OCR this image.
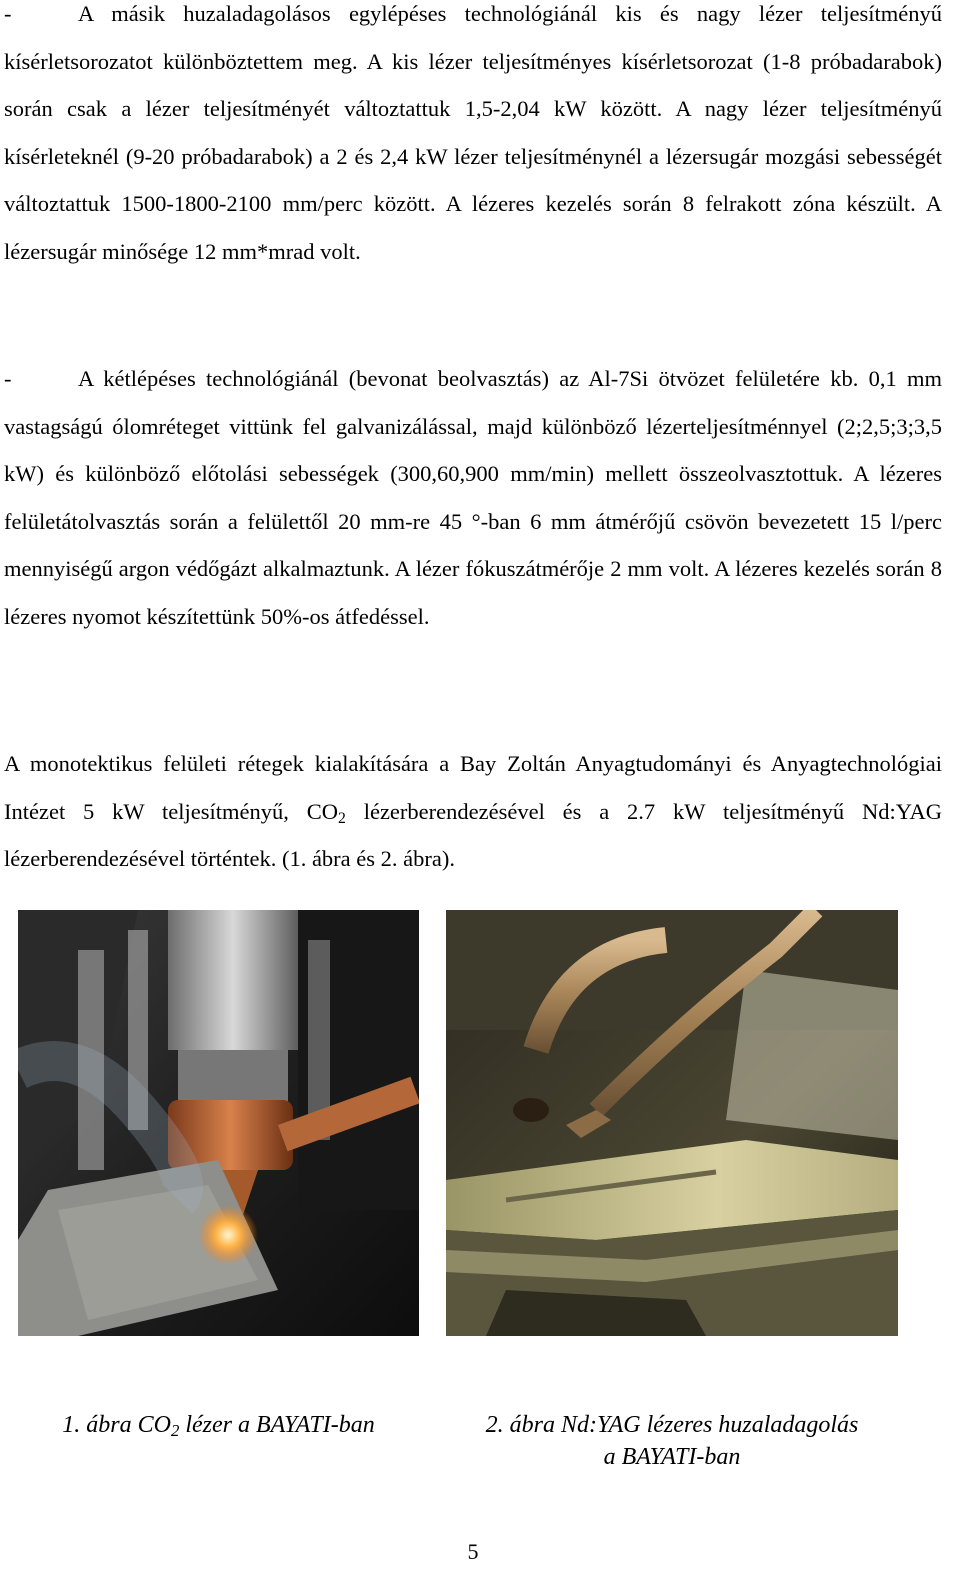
-	A másik huzaladagolásos egylépéses technológiánál kis és nagy lézer teljesítményű kísérletsorozatot különböztettem meg. A kis lézer teljesítményes kísérletsorozat (1-8 próbadarabok) során csak a lézer teljesítményét változtattuk 1,5-2,04 kW között. A nagy lézer teljesítményű kísérleteknél (9-20 próbadarabok) a 2 és 2,4 kW lézer teljesítménynél a lézersugár mozgási sebességét változtattuk 1500-1800-2100 mm/perc között. A lézeres kezelés során 8 felrakott zóna készült. A lézersugár minősége 12 mm*mrad volt.

-	A kétlépéses technológiánál (bevonat beolvasztás) az Al-7Si ötvözet felületére kb. 0,1 mm vastagságú ólomréteget vittünk fel galvanizálással, majd különböző lézerteljesítménnyel (2;2,5;3;3,5 kW) és különböző előtolási sebességek (300,60,900 mm/min) mellett összeolvasztottuk. A lézeres felületátolvasztás során a felülettől 20 mm-re 45 °-ban 6 mm átmérőjű csövön bevezetett 15 l/perc mennyiségű argon védőgázt alkalmaztunk. A lézer fókuszátmérője 2 mm volt. A lézeres kezelés során 8 lézeres nyomot készítettünk 50%-os átfedéssel.

A monotektikus felületi rétegek kialakítására a Bay Zoltán Anyagtudományi és Anyagtechnológiai Intézet 5 kW teljesítményű, $CO_2$ lézerberendezésével és a 2.7 kW teljesítményű Nd:YAG lézerberendezésével történtek. (1. ábra és 2. ábra).

1. ábra $CO_2$ lézer a BAYATI-ban	2. ábra Nd:YAG lézeres huzaladagolás
a BAYATI-ban
5
